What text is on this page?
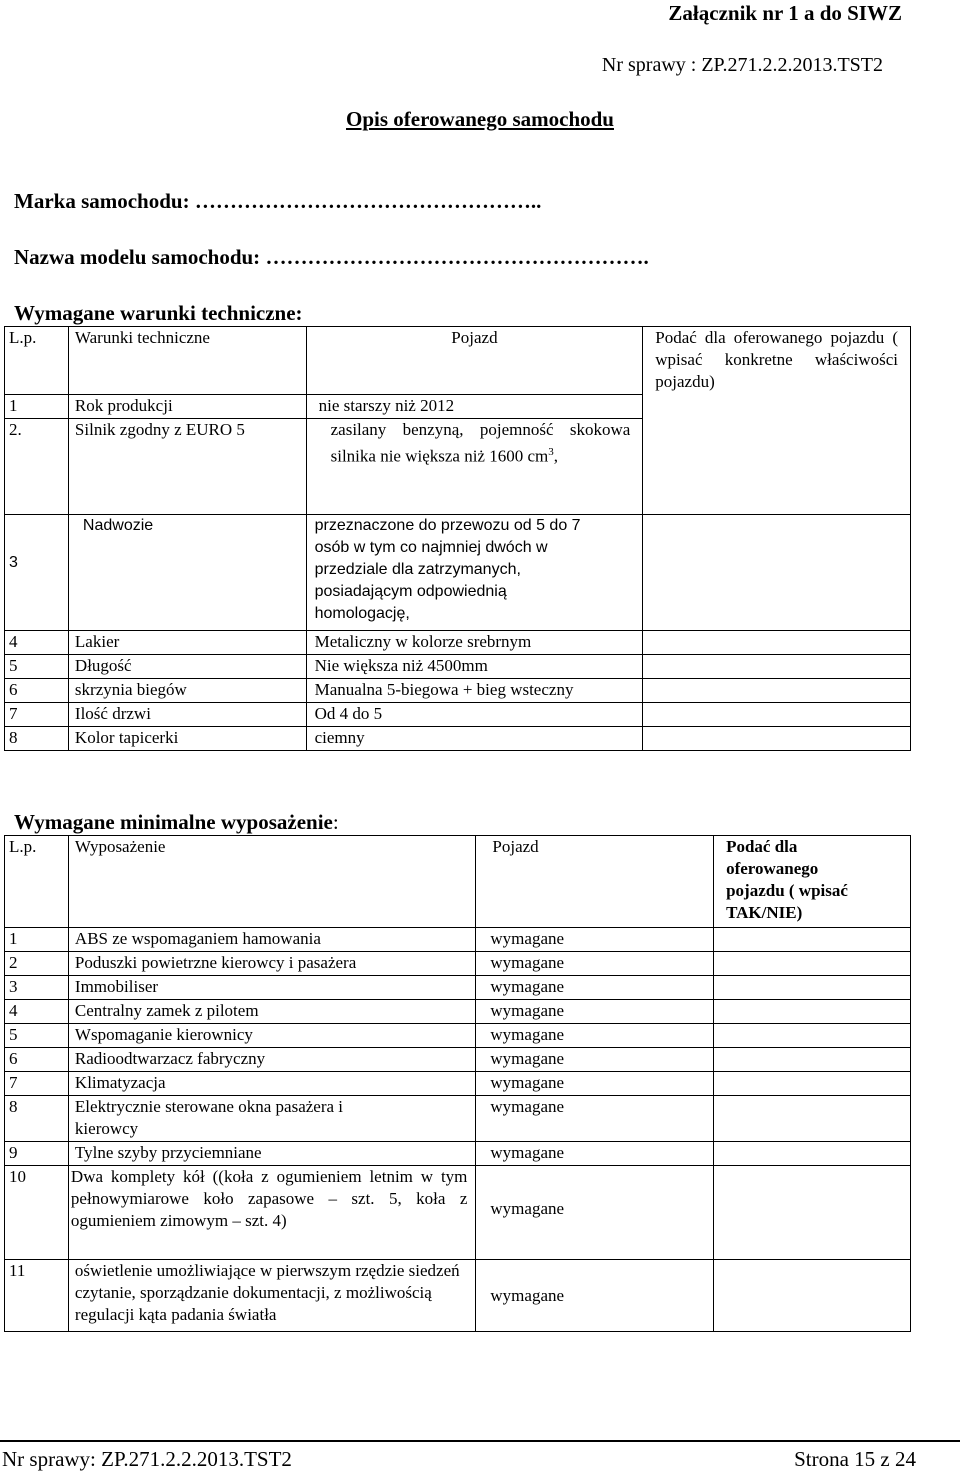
Załącznik nr 1 a do SIWZ
Nr sprawy : ZP.271.2.2.2013.TST2
Opis oferowanego samochodu
Marka samochodu: …………………………………………..
Nazwa modelu samochodu: ……………………………………………….
Wymagane warunki techniczne:
L.p.	Warunki techniczne	Pojazd	Podać dla oferowanego pojazdu ( wpisać konkretne właściwości pojazdu)
1	Rok produkcji	nie starszy niż 2012	
2.	Silnik zgodny z EURO 5	zasilany benzyną, pojemność skokowa silnika nie większa niż 1600 $cm^3$,	
3	Nadwozie	przeznaczone do przewozu od 5 do 7 osób w tym co najmniej dwóch w przedziale dla zatrzymanych, posiadającym odpowiednią homologację,	
4	Lakier	Metaliczny w kolorze srebrnym	
5	Długość	Nie większa niż 4500mm	
6	skrzynia biegów	Manualna 5-biegowa + bieg wsteczny	
7	Ilość drzwi	Od 4 do 5	
8	Kolor tapicerki	ciemny	
Wymagane minimalne wyposażenie:
L.p.	Wyposażenie	Pojazd	Podać dla oferowanego pojazdu ( wpisać TAK/NIE)
1	ABS ze wspomaganiem hamowania	wymagane	
2	Poduszki powietrzne kierowcy i pasażera	wymagane	
3	Immobiliser	wymagane	
4	Centralny zamek z pilotem	wymagane	
5	Wspomaganie kierownicy	wymagane	
6	Radioodtwarzacz fabryczny	wymagane	
7	Klimatyzacja	wymagane	
8	Elektrycznie sterowane okna pasażera i kierowcy	wymagane	
9	Tylne szyby przyciemniane	wymagane	
10	Dwa komplety kół ((koła z ogumieniem letnim w tym pełnowymiarowe koło zapasowe – szt. 5, koła z ogumieniem zimowym – szt. 4)	wymagane	
11	oświetlenie umożliwiające w pierwszym rzędzie siedzeń czytanie, sporządzanie dokumentacji, z możliwością regulacji kąta padania światła	wymagane	
Nr sprawy: ZP.271.2.2.2013.TST2	Strona 15 z 24
